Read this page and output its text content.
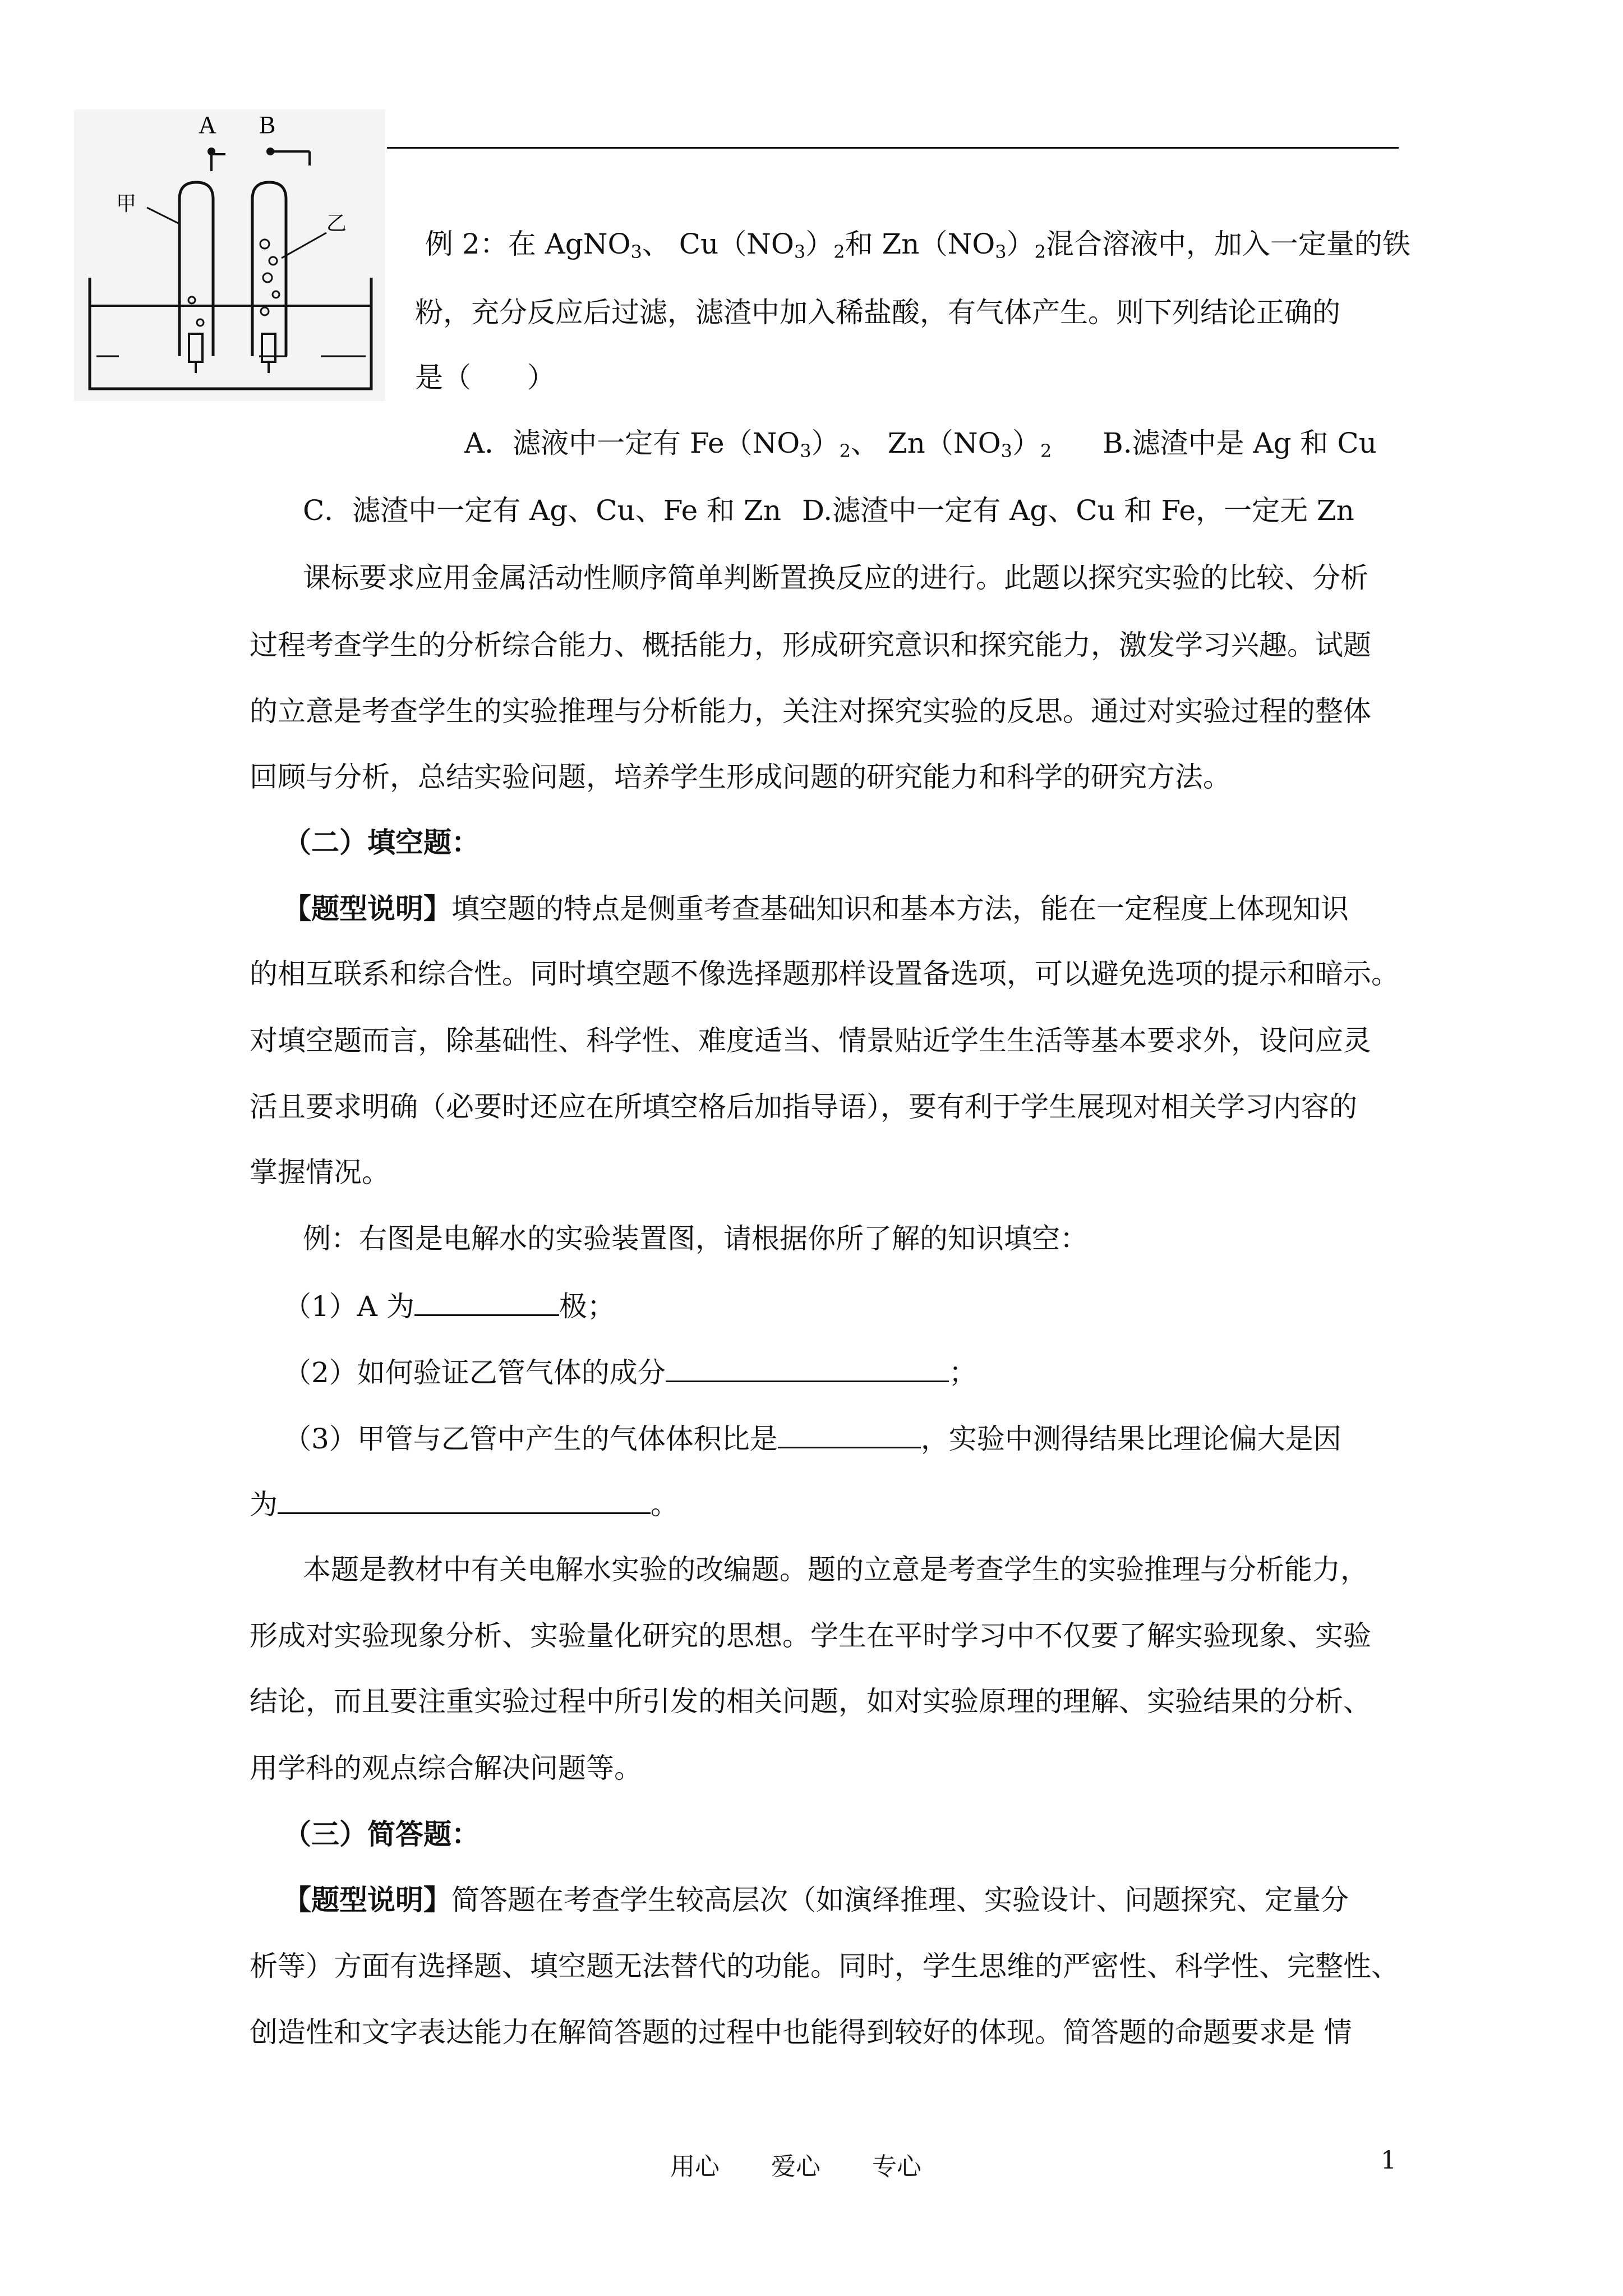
A B
甲
乙
例 2：在 AgNO$_3$、 $Cu(NO_3)_2$和 $Zn(NO_3)_2$混合溶液中，加入一定量的铁
粉，充分反应后过滤，滤渣中加入稀盐酸，有气体产生。则下列结论正确的
是（　　）
A．滤液中一定有 $Fe(NO_3)_2$、 $Zn(NO_3)_2$ B.滤渣中是 Ag 和 Cu
C．滤渣中一定有 Ag、Cu、Fe 和 Zn D.滤渣中一定有 Ag、Cu 和 Fe，一定无 Zn
课标要求应用金属活动性顺序简单判断置换反应的进行。此题以探究实验的比较、分析
过程考查学生的分析综合能力、概括能力，形成研究意识和探究能力，激发学习兴趣。试题
的立意是考查学生的实验推理与分析能力，关注对探究实验的反思。通过对实验过程的整体
回顾与分析，总结实验问题，培养学生形成问题的研究能力和科学的研究方法。
（二）填空题：
【题型说明】填空题的特点是侧重考查基础知识和基本方法，能在一定程度上体现知识
的相互联系和综合性。同时填空题不像选择题那样设置备选项，可以避免选项的提示和暗示。
对填空题而言，除基础性、科学性、难度适当、情景贴近学生生活等基本要求外，设问应灵
活且要求明确（必要时还应在所填空格后加指导语），要有利于学生展现对相关学习内容的
掌握情况。
例：右图是电解水的实验装置图，请根据你所了解的知识填空：
（1）A 为	极；
（2）如何验证乙管气体的成分	；
（3）甲管与乙管中产生的气体体积比是	，实验中测得结果比理论偏大是因
为	。
本题是教材中有关电解水实验的改编题。题的立意是考查学生的实验推理与分析能力，
形成对实验现象分析、实验量化研究的思想。学生在平时学习中不仅要了解实验现象、实验
结论，而且要注重实验过程中所引发的相关问题，如对实验原理的理解、实验结果的分析、
用学科的观点综合解决问题等。
（三）简答题：
【题型说明】简答题在考查学生较高层次（如演绎推理、实验设计、问题探究、定量分
析等）方面有选择题、填空题无法替代的功能。同时，学生思维的严密性、科学性、完整性、
创造性和文字表达能力在解简答题的过程中也能得到较好的体现。简答题的命题要求是 情
用心 爱心 专心	1
